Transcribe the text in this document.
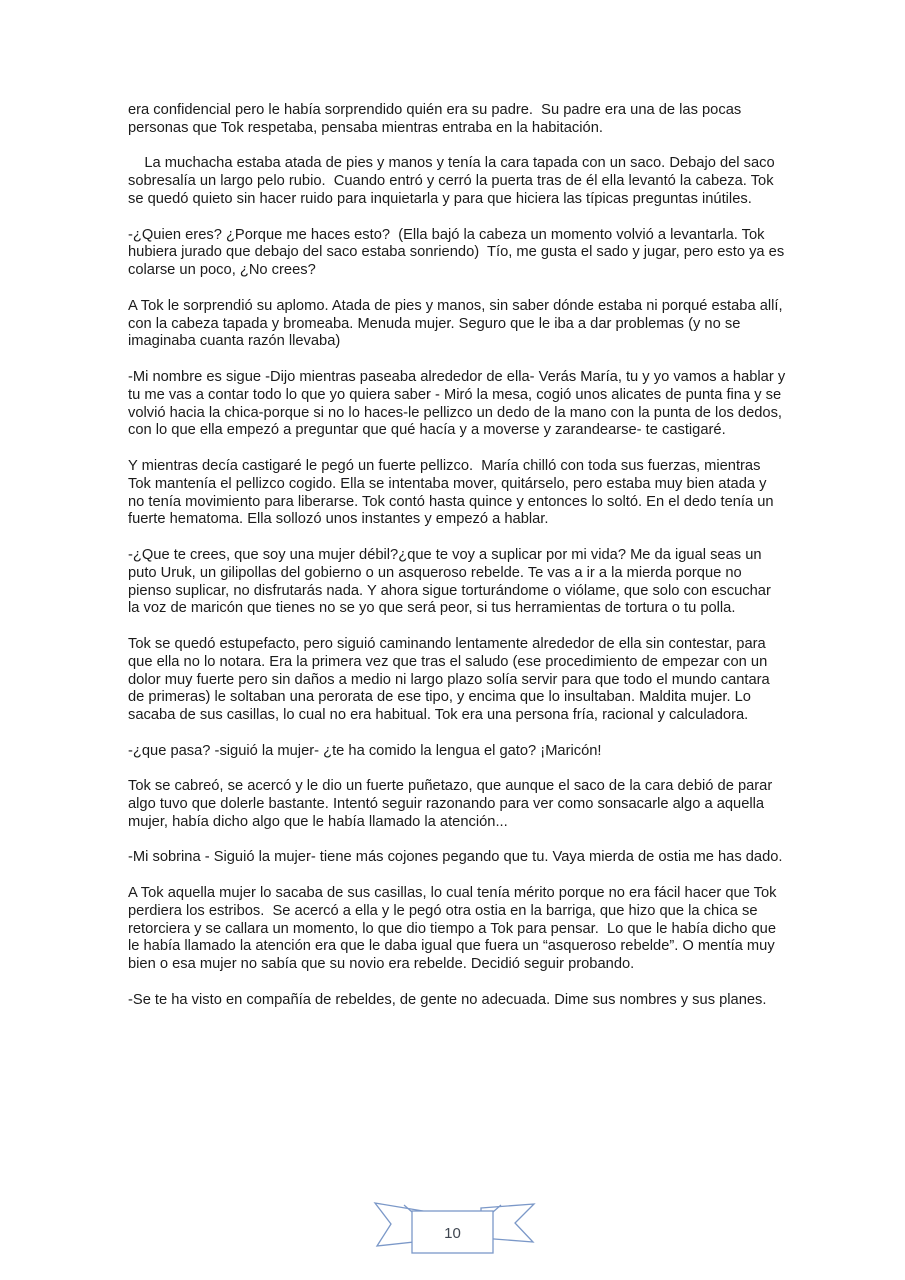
era confidencial pero le había sorprendido quién era su padre.  Su padre era una de las pocas personas que Tok respetaba, pensaba mientras entraba en la habitación.

La muchacha estaba atada de pies y manos y tenía la cara tapada con un saco. Debajo del saco sobresalía un largo pelo rubio.  Cuando entró y cerró la puerta tras de él ella levantó la cabeza. Tok se quedó quieto sin hacer ruido para inquietarla y para que hiciera las típicas preguntas inútiles.

-¿Quien eres? ¿Porque me haces esto?  (Ella bajó la cabeza un momento volvió a levantarla. Tok hubiera jurado que debajo del saco estaba sonriendo)  Tío, me gusta el sado y jugar, pero esto ya es colarse un poco, ¿No crees?

A Tok le sorprendió su aplomo. Atada de pies y manos, sin saber dónde estaba ni porqué estaba allí, con la cabeza tapada y bromeaba. Menuda mujer. Seguro que le iba a dar problemas (y no se imaginaba cuanta razón llevaba)

-Mi nombre es sigue -Dijo mientras paseaba alrededor de ella- Verás María, tu y yo vamos a hablar y tu me vas a contar todo lo que yo quiera saber - Miró la mesa, cogió unos alicates de punta fina y se volvió hacia la chica-porque si no lo haces-le pellizco un dedo de la mano con la punta de los dedos, con lo que ella empezó a preguntar que qué hacía y a moverse y zarandearse- te castigaré.

Y mientras decía castigaré le pegó un fuerte pellizco.  María chilló con toda sus fuerzas, mientras Tok mantenía el pellizco cogido. Ella se intentaba mover, quitárselo, pero estaba muy bien atada y no tenía movimiento para liberarse. Tok contó hasta quince y entonces lo soltó. En el dedo tenía un fuerte hematoma. Ella sollozó unos instantes y empezó a hablar.

-¿Que te crees, que soy una mujer débil?¿que te voy a suplicar por mi vida? Me da igual seas un puto Uruk, un gilipollas del gobierno o un asqueroso rebelde. Te vas a ir a la mierda porque no pienso suplicar, no disfrutarás nada. Y ahora sigue torturándome o viólame, que solo con escuchar la voz de maricón que tienes no se yo que será peor, si tus herramientas de tortura o tu polla.

Tok se quedó estupefacto, pero siguió caminando lentamente alrededor de ella sin contestar, para que ella no lo notara. Era la primera vez que tras el saludo (ese procedimiento de empezar con un dolor muy fuerte pero sin daños a medio ni largo plazo solía servir para que todo el mundo cantara de primeras) le soltaban una perorata de ese tipo, y encima que lo insultaban. Maldita mujer. Lo sacaba de sus casillas, lo cual no era habitual. Tok era una persona fría, racional y calculadora.

-¿que pasa? -siguió la mujer- ¿te ha comido la lengua el gato? ¡Maricón!

Tok se cabreó, se acercó y le dio un fuerte puñetazo, que aunque el saco de la cara debió de parar algo tuvo que dolerle bastante. Intentó seguir razonando para ver como sonsacarle algo a aquella mujer, había dicho algo que le había llamado la atención...

-Mi sobrina - Siguió la mujer- tiene más cojones pegando que tu. Vaya mierda de ostia me has dado.

A Tok aquella mujer lo sacaba de sus casillas, lo cual tenía mérito porque no era fácil hacer que Tok perdiera los estribos.  Se acercó a ella y le pegó otra ostia en la barriga, que hizo que la chica se retorciera y se callara un momento, lo que dio tiempo a Tok para pensar.  Lo que le había dicho que le había llamado la atención era que le daba igual que fuera un “asqueroso rebelde”. O mentía muy bien o esa mujer no sabía que su novio era rebelde. Decidió seguir probando.

-Se te ha visto en compañía de rebeldes, de gente no adecuada. Dime sus nombres y sus planes.

10
